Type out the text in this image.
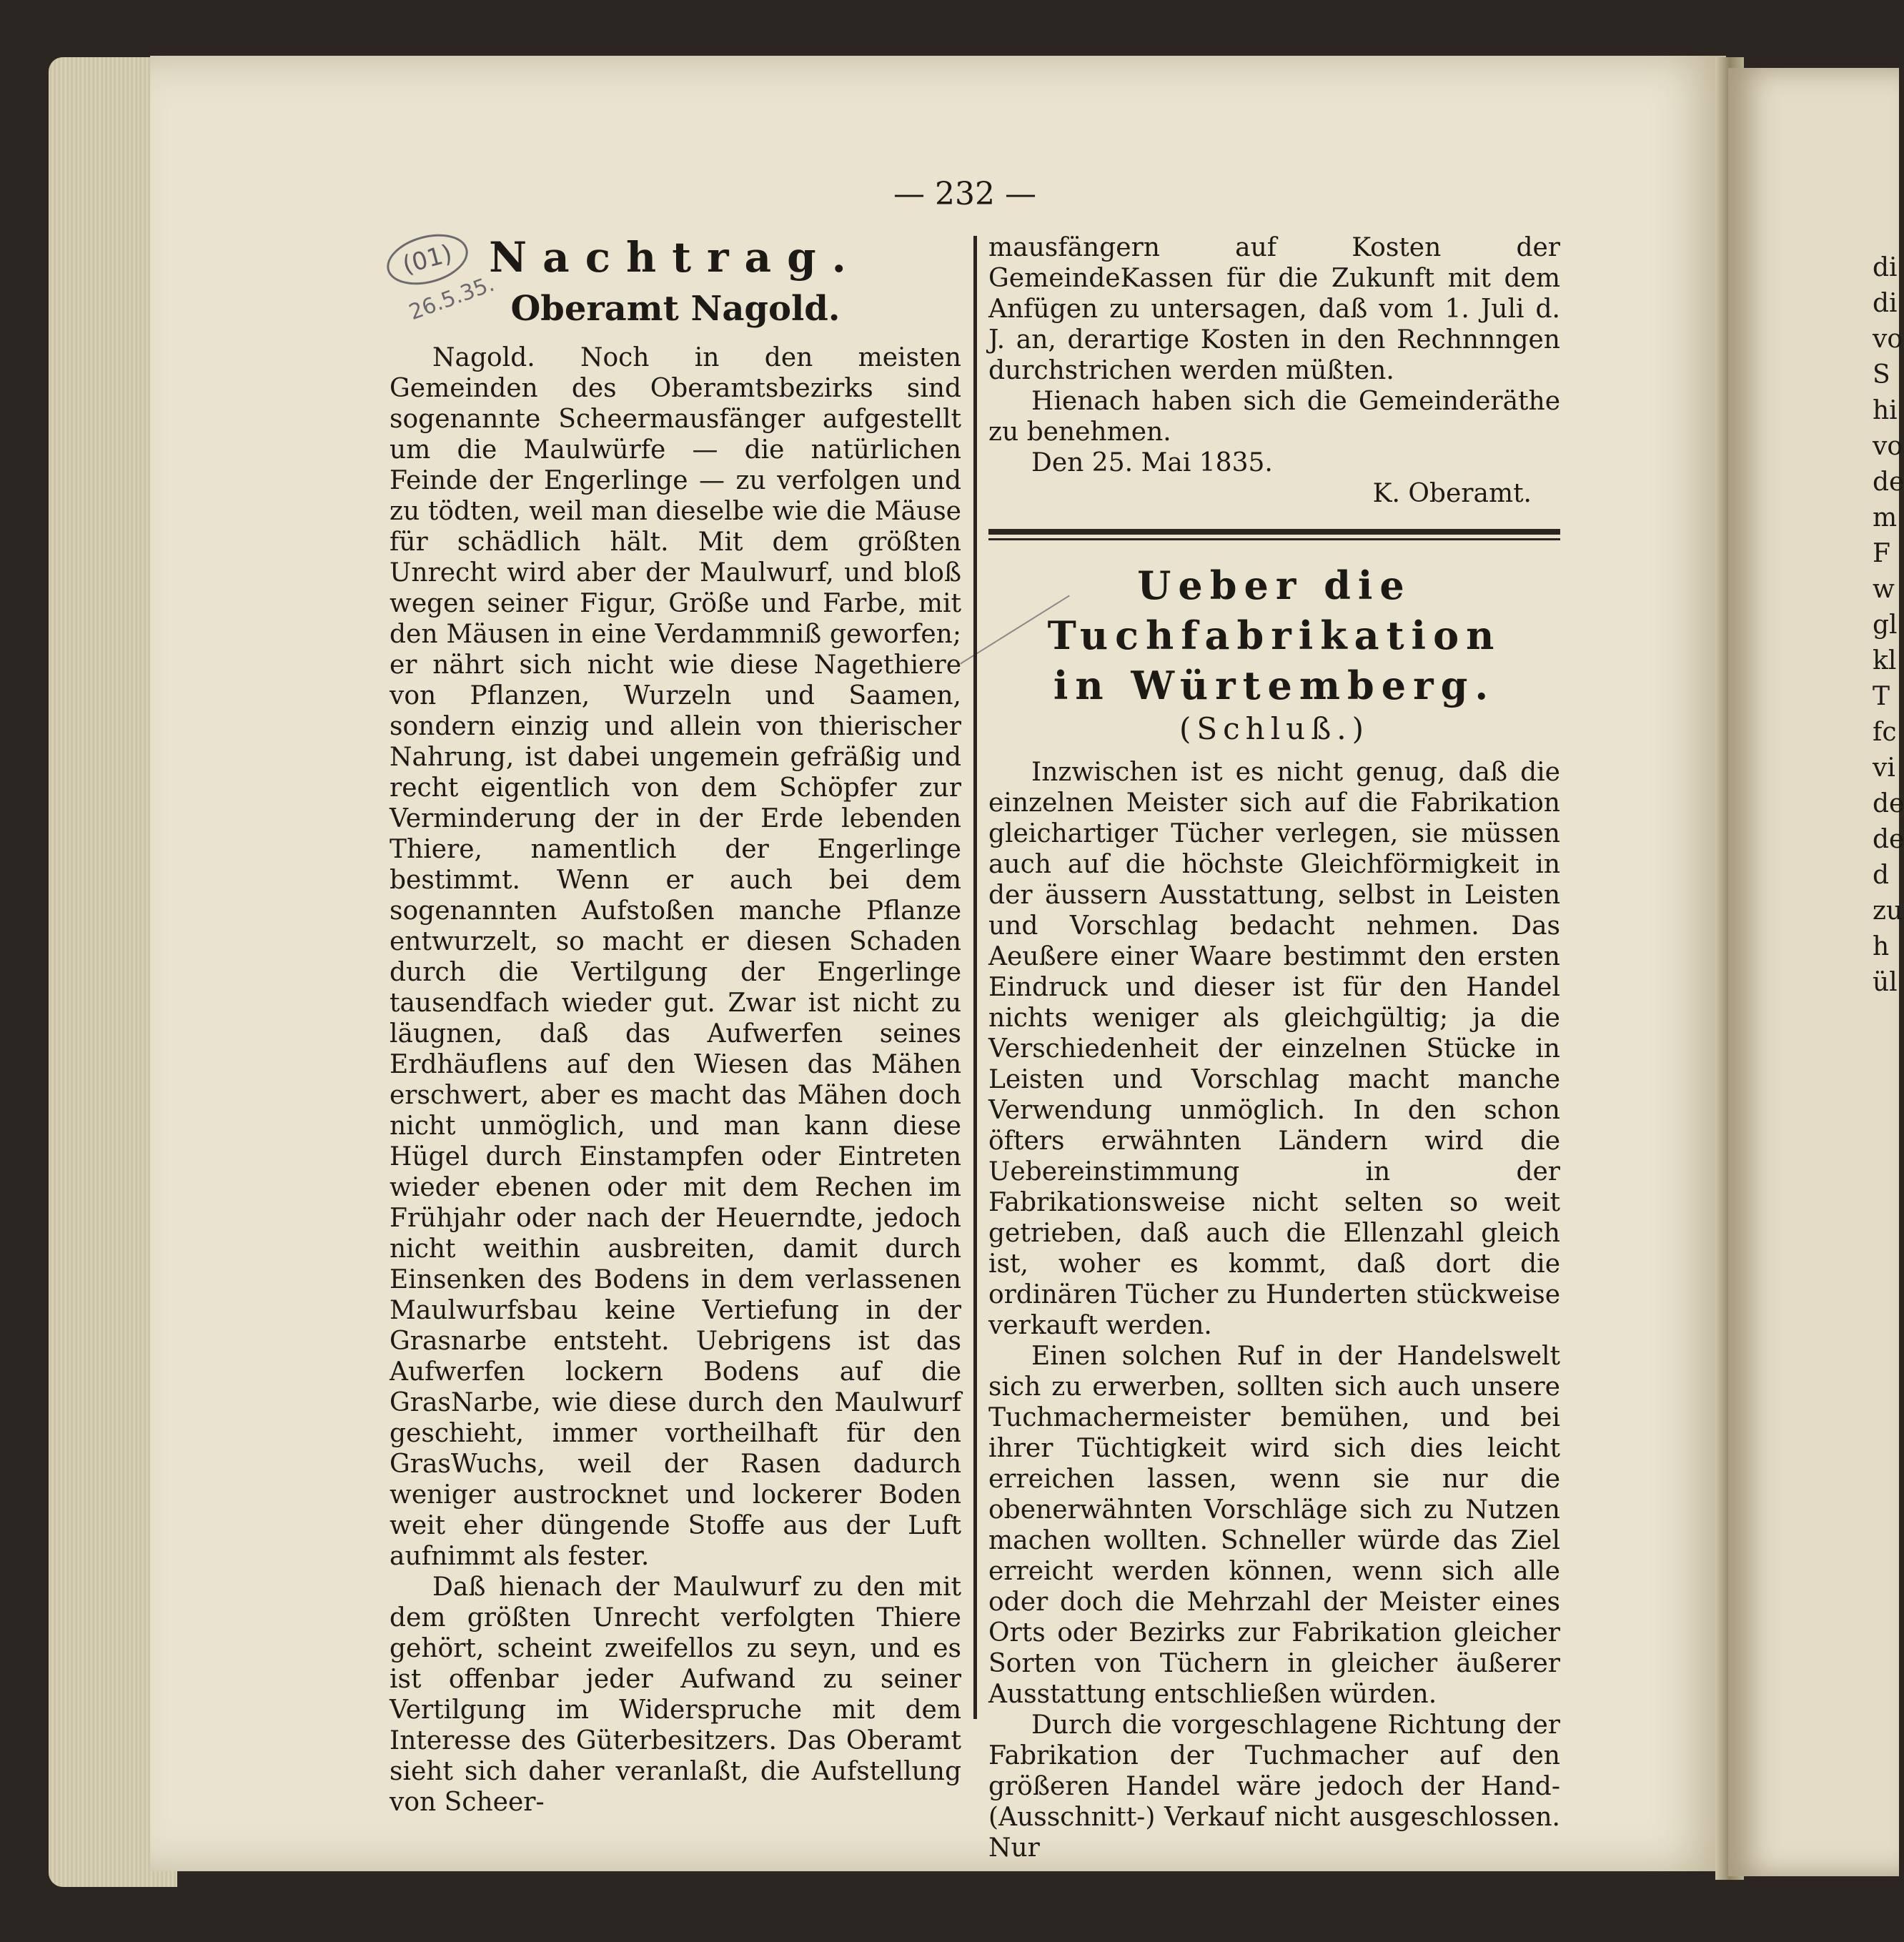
— 232 —
(01)
26.5.35.
Nachtrag.
Oberamt Nagold.

Nagold. Noch in den meisten Gemeinden des Oberamtsbezirks sind sogenannte Scheermausfänger aufgestellt um die Maulwürfe — die natürlichen Feinde der Engerlinge — zu verfolgen und zu tödten, weil man dieselbe wie die Mäuse für schädlich hält. Mit dem größten Unrecht wird aber der Maulwurf, und bloß wegen seiner Figur, Größe und Farbe, mit den Mäusen in eine Verdammniß geworfen; er nährt sich nicht wie diese Nagethiere von Pflanzen, Wurzeln und Saamen, sondern einzig und allein von thierischer Nahrung, ist dabei ungemein gefräßig und recht eigentlich von dem Schöpfer zur Verminderung der in der Erde lebenden Thiere, namentlich der Engerlinge bestimmt. Wenn er auch bei dem sogenannten Aufstoßen manche Pflanze entwurzelt, so macht er diesen Schaden durch die Vertilgung der Engerlinge tausendfach wieder gut. Zwar ist nicht zu läugnen, daß das Aufwerfen seines Erdhäuflens auf den Wiesen das Mähen erschwert, aber es macht das Mähen doch nicht unmöglich, und man kann diese Hügel durch Einstampfen oder Eintreten wieder ebenen oder mit dem Rechen im Frühjahr oder nach der Heuerndte, jedoch nicht weithin ausbreiten, damit durch Einsenken des Bodens in dem verlassenen Maulwurfsbau keine Vertiefung in der Grasnarbe entsteht. Uebrigens ist das Aufwerfen lockern Bodens auf die GrasNarbe, wie diese durch den Maulwurf geschieht, immer vortheilhaft für den GrasWuchs, weil der Rasen dadurch weniger austrocknet und lockerer Boden weit eher düngende Stoffe aus der Luft aufnimmt als fester.

Daß hienach der Maulwurf zu den mit dem größten Unrecht verfolgten Thiere gehört, scheint zweifellos zu seyn, und es ist offenbar jeder Aufwand zu seiner Vertilgung im Widerspruche mit dem Interesse des Güterbesitzers. Das Oberamt sieht sich daher veranlaßt, die Aufstellung von Scheer-

mausfängern auf Kosten der GemeindeKassen für die Zukunft mit dem Anfügen zu untersagen, daß vom 1. Juli d. J. an, derartige Kosten in den Rechnnngen durchstrichen werden müßten.

Hienach haben sich die Gemeinderäthe zu benehmen.

Den 25. Mai 1835.

K. Oberamt.

Ueber die Tuchfabrikation
in Würtemberg.
(Schluß.)

Inzwischen ist es nicht genug, daß die einzelnen Meister sich auf die Fabrikation gleichartiger Tücher verlegen, sie müssen auch auf die höchste Gleichförmigkeit in der äussern Ausstattung, selbst in Leisten und Vorschlag bedacht nehmen. Das Aeußere einer Waare bestimmt den ersten Eindruck und dieser ist für den Handel nichts weniger als gleichgültig; ja die Verschiedenheit der einzelnen Stücke in Leisten und Vorschlag macht manche Verwendung unmöglich. In den schon öfters erwähnten Ländern wird die Uebereinstimmung in der Fabrikationsweise nicht selten so weit getrieben, daß auch die Ellenzahl gleich ist, woher es kommt, daß dort die ordinären Tücher zu Hunderten stückweise verkauft werden.

Einen solchen Ruf in der Handelswelt sich zu erwerben, sollten sich auch unsere Tuchmachermeister bemühen, und bei ihrer Tüchtigkeit wird sich dies leicht erreichen lassen, wenn sie nur die obenerwähnten Vorschläge sich zu Nutzen machen wollten. Schneller würde das Ziel erreicht werden können, wenn sich alle oder doch die Mehrzahl der Meister eines Orts oder Bezirks zur Fabrikation gleicher Sorten von Tüchern in gleicher äußerer Ausstattung entschließen würden.

Durch die vorgeschlagene Richtung der Fabrikation der Tuchmacher auf den größeren Handel wäre jedoch der Hand- (Ausschnitt-) Verkauf nicht ausgeschlossen. Nur

di
di
vo
S
hi
vo
de
m
F
w
gl
kl
T
fc
vi
de
de
d
zu
h
ül
